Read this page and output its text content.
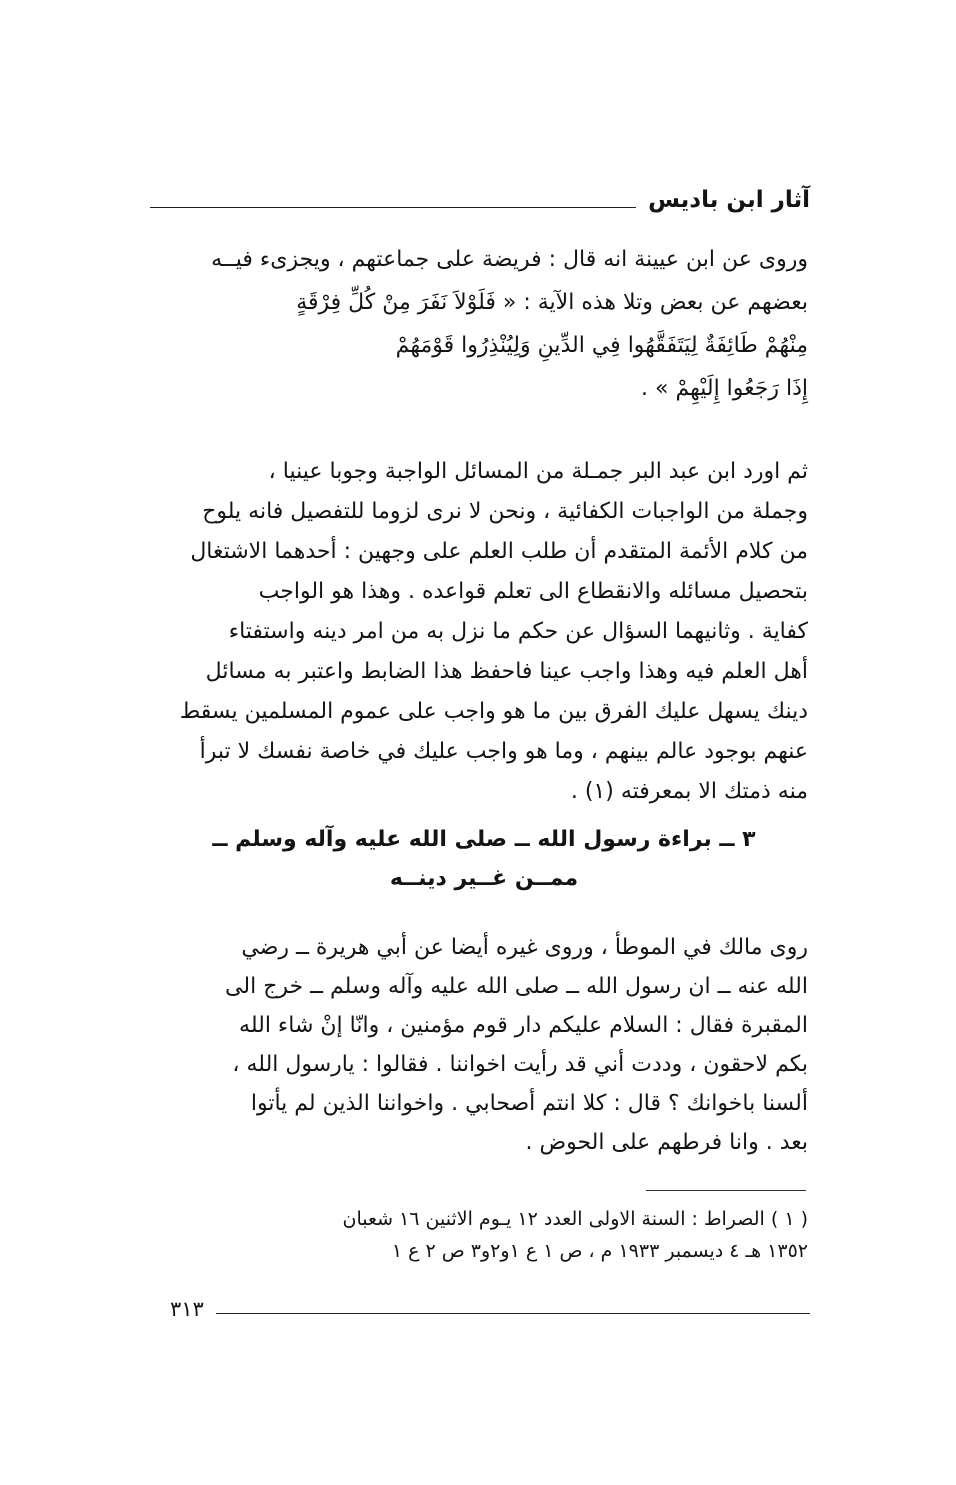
آثار ابن باديس

وروى عن ابن عيينة انه قال : فريضة على جماعتهم ، ويجزىء فيــه

بعضهم عن بعض وتلا هذه الآية : « فَلَوْلاَ نَفَرَ مِنْ كُلِّ فِرْقَةٍ

مِنْهُمْ طَائِفَةٌ لِيَتَفَقَّهُوا فِي الدِّينِ وَلِيُنْذِرُوا قَوْمَهُمْ

إِذَا رَجَعُوا إِلَيْهِمْ » .

ثم اورد ابن عبد البر جمـلة من المسائل الواجبة وجوبا عينيا ،

وجملة من الواجبات الكفائية ، ونحن لا نرى لزوما للتفصيل فانه يلوح

من كلام الأئمة المتقدم أن طلب العلم على وجهين : أحدهما الاشتغال

بتحصيل مسائله والانقطاع الى تعلم قواعده . وهذا هو الواجب

كفاية . وثانيهما السؤال عن حكم ما نزل به من امر دينه واستفتاء

أهل العلم فيه وهذا واجب عينا فاحفظ هذا الضابط واعتبر به مسائل

دينك يسهل عليك الفرق بين ما هو واجب على عموم المسلمين يسقط

عنهم بوجود عالم بينهم ، وما هو واجب عليك في خاصة نفسك لا تبرأ

منه ذمتك الا بمعرفته (١) .

٣ ــ براءة رسول الله ــ صلى الله عليه وآله وسلم ــ
ممــن غــير دينــه

روى مالك في الموطأ ، وروى غيره أيضا عن أبي هريرة ــ رضي

الله عنه ــ ان رسول الله ــ صلى الله عليه وآله وسلم ــ خرج الى

المقبرة فقال : السلام عليكم دار قوم مؤمنين ، وانّا إنْ شاء الله

بكم لاحقون ، وددت أني قد رأيت اخواننا . فقالوا : يارسول الله ،

ألسنا باخوانك ؟ قال : كلا انتم أصحابي . واخواننا الذين لم يأتوا

بعد . وانا فرطهم على الحوض .

( ١ ) الصراط : السنة الاولى العدد ١٢ يـوم الاثنين ١٦ شعبان

١٣٥٢ هـ ٤ ديسمبر ١٩٣٣ م ، ص ١ ع ١و٢و٣ ص ٢ ع ١

٣١٣
